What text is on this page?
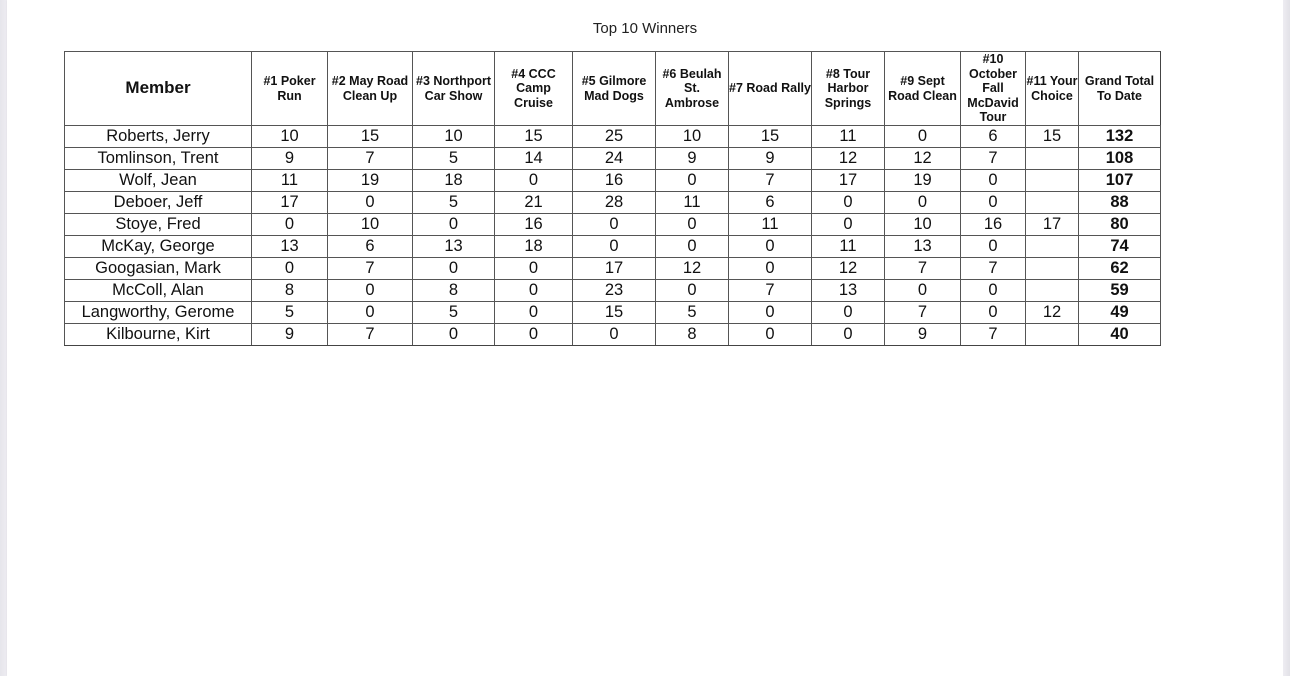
Top 10 Winners
Member	#1 Poker Run	#2 May Road Clean Up	#3 Northport Car Show	#4 CCC Camp Cruise	#5 Gilmore Mad Dogs	#6 Beulah St. Ambrose	#7 Road Rally	#8 Tour Harbor Springs	#9 Sept Road Clean	#10 October Fall McDavid Tour	#11 Your Choice	Grand Total To Date
Roberts, Jerry	10	15	10	15	25	10	15	11	0	6	15	132
Tomlinson, Trent	9	7	5	14	24	9	9	12	12	7		108
Wolf, Jean	11	19	18	0	16	0	7	17	19	0		107
Deboer, Jeff	17	0	5	21	28	11	6	0	0	0		88
Stoye, Fred	0	10	0	16	0	0	11	0	10	16	17	80
McKay, George	13	6	13	18	0	0	0	11	13	0		74
Googasian, Mark	0	7	0	0	17	12	0	12	7	7		62
McColl, Alan	8	0	8	0	23	0	7	13	0	0		59
Langworthy, Gerome	5	0	5	0	15	5	0	0	7	0	12	49
Kilbourne, Kirt	9	7	0	0	0	8	0	0	9	7		40
